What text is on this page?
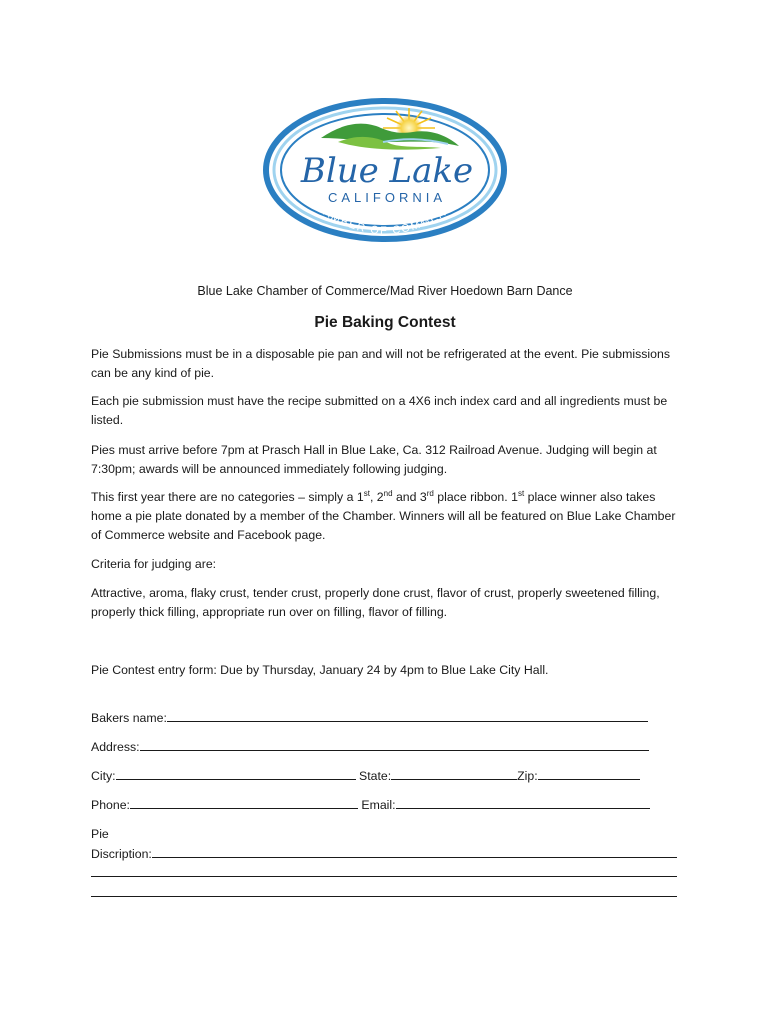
Blue Lake
CALIFORNIA
CHAMBER OF COMMERCE
Blue Lake Chamber of Commerce/Mad River Hoedown Barn Dance
Pie Baking Contest

Pie Submissions must be in a disposable pie pan and will not be refrigerated at the event. Pie submissions can be any kind of pie.

Each pie submission must have the recipe submitted on a 4X6 inch index card and all ingredients must be listed.

Pies must arrive before 7pm at Prasch Hall in Blue Lake, Ca. 312 Railroad Avenue. Judging will begin at 7:30pm; awards will be announced immediately following judging.

This first year there are no categories – simply a 1st, 2nd and 3rd place ribbon. 1st place winner also takes home a pie plate donated by a member of the Chamber. Winners will all be featured on Blue Lake Chamber of Commerce website and Facebook page.

Criteria for judging are:

Attractive, aroma, flaky crust, tender crust, properly done crust, flavor of crust, properly sweetened filling, properly thick filling, appropriate run over on filling, flavor of filling.

Pie Contest entry form: Due by Thursday, January 24 by 4pm to Blue Lake City Hall.

Bakers name:
Address:
City:	State:	Zip:
Phone:	Email:
Pie
Discription:
